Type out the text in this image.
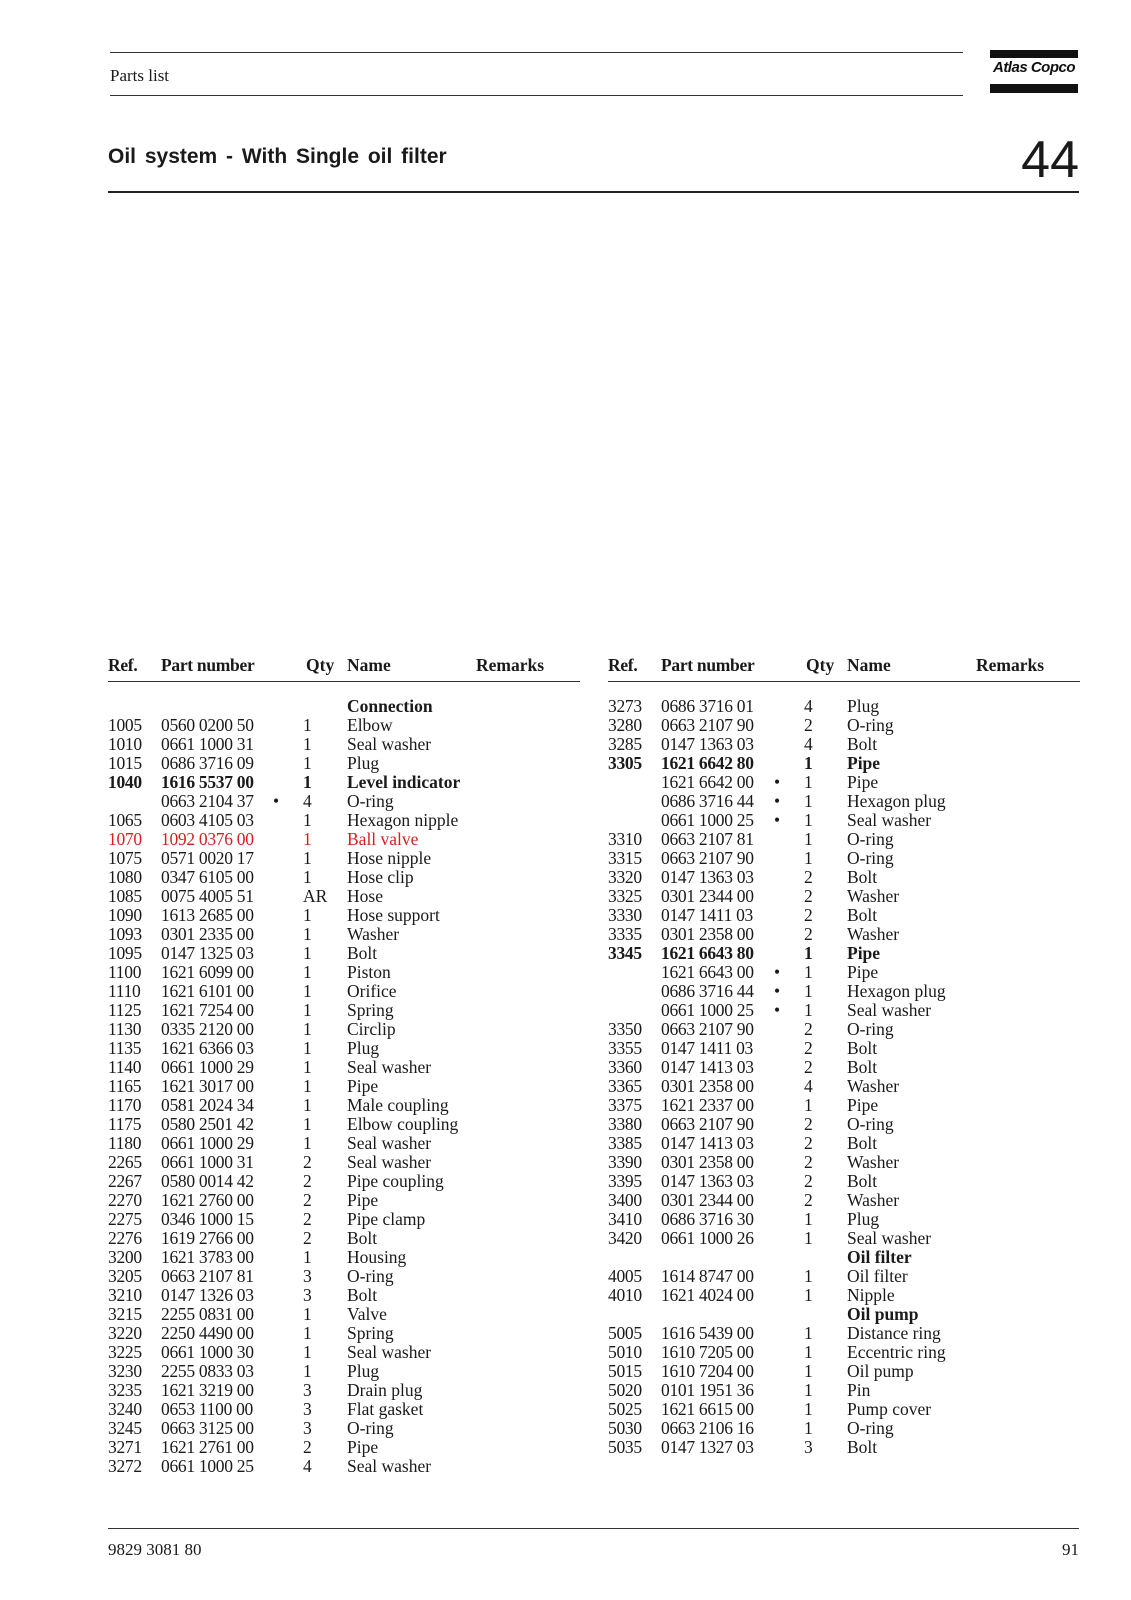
Parts list	Atlas Copco
Oil system - With Single oil filter	44
Ref. Part number	Qty Name	Remarks
Connection
1005 0560 0200 50	1 Elbow
1010 0661 1000 31	1 Seal washer
1015 0686 3716 09	1 Plug
1040 1616 5537 00	1 Level indicator
0663 2104 37 • 4 O-ring
1065 0603 4105 03	1 Hexagon nipple
1070 1092 0376 00	1 Ball valve
1075 0571 0020 17	1 Hose nipple
1080 0347 6105 00	1 Hose clip
1085 0075 4005 51	AR Hose
1090 1613 2685 00	1 Hose support
1093 0301 2335 00	1 Washer
1095 0147 1325 03	1 Bolt
1100 1621 6099 00	1 Piston
1110 1621 6101 00	1 Orifice
1125 1621 7254 00	1 Spring
1130 0335 2120 00	1 Circlip
1135 1621 6366 03	1 Plug
1140 0661 1000 29	1 Seal washer
1165 1621 3017 00	1 Pipe
1170 0581 2024 34	1 Male coupling
1175 0580 2501 42	1 Elbow coupling
1180 0661 1000 29	1 Seal washer
2265 0661 1000 31	2 Seal washer
2267 0580 0014 42	2 Pipe coupling
2270 1621 2760 00	2 Pipe
2275 0346 1000 15	2 Pipe clamp
2276 1619 2766 00	2 Bolt
3200 1621 3783 00	1 Housing
3205 0663 2107 81	3 O-ring
3210 0147 1326 03	3 Bolt
3215 2255 0831 00	1 Valve
3220 2250 4490 00	1 Spring
3225 0661 1000 30	1 Seal washer
3230 2255 0833 03	1 Plug
3235 1621 3219 00	3 Drain plug
3240 0653 1100 00	3 Flat gasket
3245 0663 3125 00	3 O-ring
3271 1621 2761 00	2 Pipe
3272 0661 1000 25	4 Seal washer
Ref. Part number	Qty Name	Remarks
3273 0686 3716 01	4 Plug
3280 0663 2107 90	2 O-ring
3285 0147 1363 03	4 Bolt
3305 1621 6642 80	1 Pipe
1621 6642 00 • 1 Pipe
0686 3716 44 • 1 Hexagon plug
0661 1000 25 • 1 Seal washer
3310 0663 2107 81	1 O-ring
3315 0663 2107 90	1 O-ring
3320 0147 1363 03	2 Bolt
3325 0301 2344 00	2 Washer
3330 0147 1411 03	2 Bolt
3335 0301 2358 00	2 Washer
3345 1621 6643 80	1 Pipe
1621 6643 00 • 1 Pipe
0686 3716 44 • 1 Hexagon plug
0661 1000 25 • 1 Seal washer
3350 0663 2107 90	2 O-ring
3355 0147 1411 03	2 Bolt
3360 0147 1413 03	2 Bolt
3365 0301 2358 00	4 Washer
3375 1621 2337 00	1 Pipe
3380 0663 2107 90	2 O-ring
3385 0147 1413 03	2 Bolt
3390 0301 2358 00	2 Washer
3395 0147 1363 03	2 Bolt
3400 0301 2344 00	2 Washer
3410 0686 3716 30	1 Plug
3420 0661 1000 26	1 Seal washer
Oil filter
4005 1614 8747 00	1 Oil filter
4010 1621 4024 00	1 Nipple
Oil pump
5005 1616 5439 00	1 Distance ring
5010 1610 7205 00	1 Eccentric ring
5015 1610 7204 00	1 Oil pump
5020 0101 1951 36	1 Pin
5025 1621 6615 00	1 Pump cover
5030 0663 2106 16	1 O-ring
5035 0147 1327 03	3 Bolt
9829 3081 80	91
